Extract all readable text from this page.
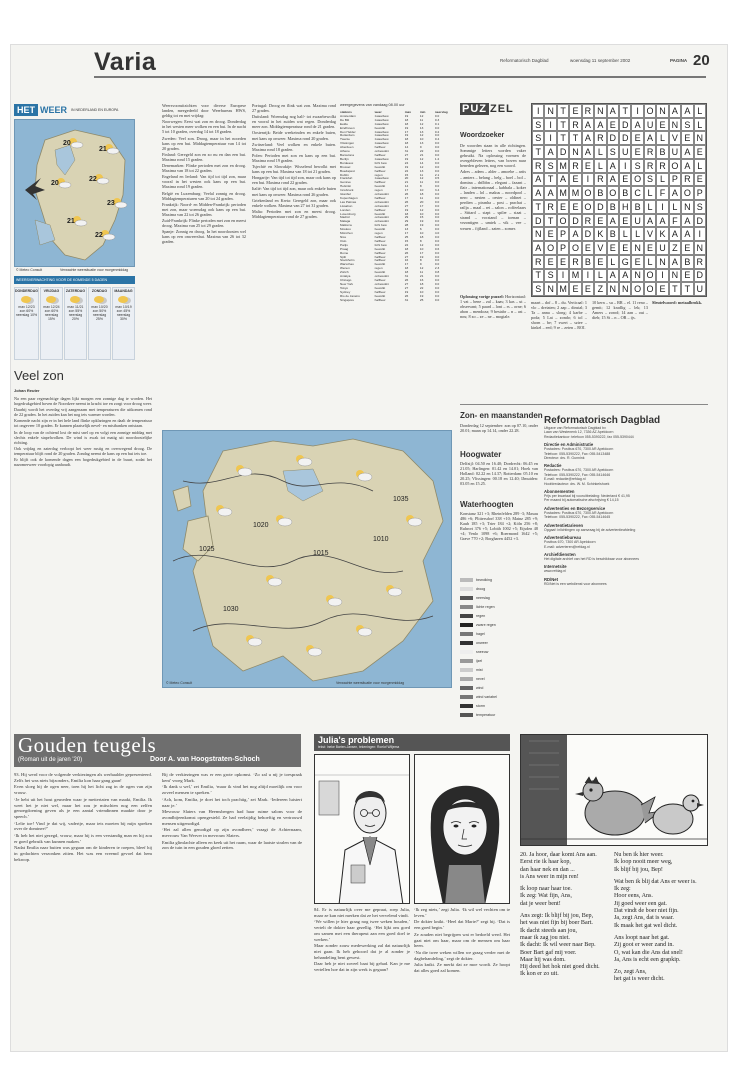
Varia	Reformatorisch Dagblad	woensdag 11 september 2002	PAGINA 20
HET WEER	IN NEDERLAND EN EUROPA
20
21
20
22
23
21
22
© Meteo Consult	Verwachte weersituatie voor morgenmiddag
WEERSVERWACHTING VOOR DE KOMENDE 5 DAGEN
DONDERDAG
max 12/23
zon 60%
neerslag 10%
VRIJDAG
max 12/24
zon 60%
neerslag 15%
ZATERDAG
max 11/21
zon 55%
neerslag 20%
ZONDAG
max 10/20
zon 50%
neerslag 25%
MAANDAG
max 10/19
zon 45%
neerslag 30%
Veel zon
Johan Reuter

Na een paar regenachtige dagen lijkt morgen een zonnige dag te worden. Het hogedrukgebied boven de Noordzee neemt in kracht toe en zorgt voor droog weer.

Daarbij wordt het overdag vrij aangenaam met temperaturen die uitkomen rond de 22 graden. In het zuiden kan het nog iets warmer worden.

Komende nacht zijn er in het hele land flinke opklaringen en daalt de temperatuur tot ongeveer 10 graden. Er kunnen plaatselijk nevel- en mistbanken ontstaan.

In de loop van de ochtend lost de mist snel op en volgt een zonnige middag met slechts enkele stapelwolken. De wind is zwak tot matig uit noordoostelijke richting.

Ook vrijdag en zaterdag verloopt het weer rustig en overwegend droog. De temperatuur blijft rond de 20 graden. Zondag neemt de kans op een bui iets toe.

Er blijft ook de komende dagen een hogedrukgebied in de buurt, zodat het nazomerweer voorlopig aanhoudt.

Weersvooruitzichten voor diverse Europese landen, meegedeeld door Weerbureau HWS, geldig tot en met vrijdag:

Noorwegen: Eerst wat zon en droog. Donderdag in het westen meer wolken en een bui. In de nacht 5 tot 10 graden, overdag 14 tot 18 graden.

Zweden: Veel zon. Droog, maar in het noorden kans op een bui. Middagtemperatuur van 14 tot 20 graden.

Finland: Geregeld zon en zo nu en dan een bui. Maxima rond 15 graden.

Denemarken: Flinke perioden met zon en droog. Maxima van 18 tot 22 graden.

Engeland en Ierland: Van tijd tot tijd zon, maar vooral in het westen ook kans op een bui. Maxima rond 19 graden.

België en Luxemburg: Veelal zonnig en droog. Middagtemperaturen van 20 tot 24 graden.

Frankrijk: Noord- en Midden-Frankrijk: perioden met zon, maar woensdag ook kans op een bui. Maxima van 22 tot 26 graden.

Zuid-Frankrijk: Flinke perioden met zon en meest droog. Maxima van 25 tot 29 graden.

Spanje: Zonnig en droog. In het noordoosten wel kans op een onweersbui. Maxima van 26 tot 32 graden.

Portugal: Droog en flink wat zon. Maxima rond 27 graden.

Duitsland: Woensdag nog half- tot zwaarbewolkt en vooral in het zuiden wat regen. Donderdag meer zon. Middagtemperatuur rond de 21 graden.

Oostenrijk: Beide weekeinden en enkele buien, met kans op onweer. Maxima rond 20 graden.

Zwitserland: Veel wolken en enkele buien. Maxima rond 18 graden.

Polen: Perioden met zon en kans op een bui. Maxima rond 19 graden.

Tsjechië en Slowakije: Wisselend bewolkt met kans op een bui. Maxima van 18 tot 21 graden.

Hongarije: Van tijd tot tijd zon, maar ook kans op een bui. Maxima rond 22 graden.

Italië: Van tijd tot tijd zon, maar ook enkele buien met kans op onweer. Maxima rond 26 graden.

Griekenland en Kreta: Geregeld zon, maar ook enkele wolken. Maxima van 27 tot 31 graden.

Malta: Perioden met zon en meest droog. Middagtemperatuur rond de 27 graden.

weergegevens van vandaag 08.00 uur
stations	weer	max	min	neerslag
Amsterdam	zwaarbew	19	12	0.0
De Bilt	zwaarbew	18	11	0.3
Eelde	zwaarbew	18	12	0.1
Eindhoven	bewolkt	19	13	0.0
Den Helder	zwaarbew	17	13	0.2
Rotterdam	zwaarbew	19	12	0.0
Twente	zwaarbew	18	10	0.4
Vlissingen	zwaarbew	18	13	0.0
Aberdeen	halfbew	14	9	0.0
Athene	onbewolkt	31	22	0.0
Barcelona	halfbew	27	21	0.0
Berlijn	zwaarbew	19	12	1.2
Bordeaux	licht bew	24	14	0.0
Brussel	bewolkt	19	12	0.0
Boedapest	halfbew	22	13	0.0
Dublin	regen	15	11	2.1
Frankfurt	zwaarbew	20	12	0.5
Genève	halfbew	21	11	0.0
Helsinki	bewolkt	14	8	0.0
Innsbruck	regen	17	10	3.4
Istanbul	onbewolkt	26	18	0.0
Kopenhagen	halfbew	17	11	0.0
Las Palmas	onbewolkt	26	20	0.0
Lissabon	onbewolkt	27	17	0.0
Londen	halfbew	19	12	0.0
Luxemburg	bewolkt	18	10	0.0
Madrid	onbewolkt	29	15	0.0
Malaga	onbewolkt	29	19	0.0
Mallorca	licht bew	28	19	0.0
Moskou	bewolkt	13	6	0.0
München	regen	17	10	4.0
Nice	halfbew	25	18	0.0
Oslo	halfbew	15	8	0.0
Parijs	licht bew	22	12	0.0
Praag	bewolkt	18	10	0.6
Rome	halfbew	26	17	0.0
Split	halfbew	27	19	0.0
Stockholm	halfbew	16	8	0.0
Warschau	bewolkt	17	9	0.0
Wenen	regen	18	12	2.3
Zürich	bewolkt	18	11	0.8
Antalya	onbewolkt	31	21	0.0
Chicago	halfbew	26	16	0.0
New York	onbewolkt	27	18	0.0
Tokyo	bewolkt	27	22	0.0
Sydney	halfbew	19	10	0.0
Rio de Janeiro	bewolkt	26	19	0.0
Singapore	halfbew	31	25	0.0
1025
1020
1015
1010
1030
1035
© Meteo Consult	Verwachte weersituatie voor morgenmiddag
PUZ ZEL
Woordzoeker

De woorden staan in alle richtingen. Sommige letters worden vaker gebruikt. Na oplossing vormen de overgebleven letters, van boven naar beneden gelezen, nog een woord.

Adres – adem – alder – amoebe – artis – amters – belang – belg – boel – bol – domina – drilbbn – elegant – fazant – flair – internationaal – kabbala – koker – landen – lol – makus – noordpool – nero – nesten – oester – oldinet – perdien – piranha – post – prachat – railja – maal – rei – salon – roffeelaars – Sittard – stapt – spiler – staat – strand – vocstand – toenan – vezontigen – umiek – vik – vee – weuen – fijfland – zaten – zomer.

I N T E R N A T I O N A A L
S I T R A A E D A U E N S L
S I T T A R D D E A L V E N
T A D N A L S U E R B U A E
R S M R E L A I S R R O A L
A T A E I R A E O S L P R E
A A M M O B O B C L F A O P
T R E E O D B H B L I L N S
D T O D R E A E U A A F A D
N E P A D K B L L V K A A I
A O P O E V E E N E U Z E N
R E E R B E L G E L N A B R
T S I M I L A A N O I N E D
S N M E E Z N N O O E T T U

Oplossing vorige puzzel: Horizontaal: 1 vat – bene – zal – kaas; 3 kas – ut – observant; 5 paard – lont – rs – orne; 6 abon – mendoza; 9 bestabr – n – ast – nou; 8 zo – ze – ne – mogiale.

maart – dof – 8 – du. Verticaal: 1 vlo – dreiaten; 2 aap – dinstal; 3 Ta – anna – slong; 4 karbe – poda; 5 Lat – zondo; 6 tol – shorn – be; 7 swert – sziee – kinkel – eed; 9 re – zeten – ROI.
10 kern – su – RR – el. 11 reno – gemit; 12 kradlig – lek; 13 Amers – zorod; 14 aan – oui – dieb; 15 St – n – OR – ijs.
Sleutelwoord: metaalbrokk.
Zon- en maanstanden
Donderdag 12 september: zon op 07.10, onder 20.01; maan op 14.14, onder 22.28.
Hoogwater
Delfzijl: 04.50 en 16.40; Dordrecht: 06.45 en 21.05; Harlingen: 01.42 en 14.01; Hoek van Holland: 02.22 en 14.37; Rotterdam: 05.10 en 20.25; Vlissingen: 00.18 en 12.40; IJmuiden: 03.05 en 15.25.
Waterhoogten
Konstanz 321 +3; Rheinfelden 289 -3; Maxau 486 +6; Plittersdorf 338 +10; Mainz 285 +9; Kaub 185 +3; Trier 184 +2; Köln 256 +8; Ruhrort 376 +5; Lobith 1002 +5; Eijsden 48 +4; Venlo 1098 +6; Roermond 1642 +5; Grave 770 +2; Borgharen 4452 +3.
bewolking
droog
neerslag
lichte regen
regen
zware regen
hagel
onweer
sneeuw
ijzel
mist
nevel
wind
wind variabel
storm
temperatuur
Reformatorisch Dagblad
Uitgave van Reformatorisch Dagblad bv
Laan van Westenenk 12, 7336 AZ Apeldoorn
Redactiekantoor: telefoon 055-5390222, fax 055-5390444
Directie en Administratie
Postadres: Postbus 670, 7300 AR Apeldoorn
Telefoon: 055-5390222, Fax: 055-5413488
Directeur: drs. R. Gunnink
Redactie
Postadres: Postbus 670, 7300 AR Apeldoorn
Telefoon: 055-5390222, Fax: 055-5414646
E-mail: redactie@refdag.nl
Hoofdredacteur: drs. W. M. Schinkelshoek
Abonnementen
Prijs per kwartaal bij vooruitbetaling: Nederland € 41,95
Per maand bij automatische afschrijving € 14,15
Advertenties en Bezorgservice
Postadres: Postbus 670, 7300 AR Apeldoorn
Telefoon: 055-5390222, Fax: 055-5414645
Advertentietarieven
Opgaaf: inlichtingen op aanvraag bij de advertentieafdeling
Advertentiebureau
Postbus 670, 7300 AR Apeldoorn
E-mail: adverteren@refdag.nl
Archiefdiensten
Het digitale archief van het RD is beschikbaar voor abonnees
Internetsite
www.refdag.nl
RD/Net
RD/Net is een webdienst voor abonnees
Gouden teugels
(Roman uit de jaren '20)	Door A. van Hoogstraten-Schoch

93. Hij werd voor de volgende verkiezingen als werhaalder gepresenteerd. Zelfs het was niets bijzonders, Emilia kon haar gang gaan!

Even sloeg hij de ogen neer, toen hij het licht zag in de ogen van zijn vrouw.

‘Je hebt uit het hout gesneden waar je mettertaten van maakt, Emilia. Ik weet het je niet wel, maar het zou je mitschien nog een zelfen genoegdoening geven als je een aantal vriendinnen maakte door je speech.’

‘Lelie toe! Vind je dat wij, vadertje, maar iets moeten bij mijn spreken over de dominee?’

‘Ik heb het niet gezegd, vrouw, maar hij is een verstandig man en hij zou er goed gebruik van kunnen maken.’

Nadat Emilia naar buiten was gegaan om de kinderen te roepen, bleef hij in gedachten verzonken zitten. Het was een vreemd gevoel dat hem bekroop.

Bij de verkiezingen was er een grote opkomst. ‘Zo zal u nij je toespraak kent’ vroeg Mark.

‘Ik dank u wel,’ zei Emilia, ‘maar ik vind het nog altijd moeilijk om voor zoveel mensen te spreken.’

‘Ach, kom, Emilia, je doet het toch prachtig,’ zei Mark. ‘Iedereen luistert naar je.’

Mevrouw Slaters van Heemsbergen had haar ruime salons voor de avondbijeenkomst opengesteld. Ze had veelzijdig behoeftig en vertrouwd mensen uitgenodigd.

‘Het zal allen genodigd op zijn avondheer,’ vraagt de Achternaam, mevrouw Van Werver in mevrouw Slaters.

Emilia glimlachte alleen en keek uit het raam, waar de laatste stralen van de zon de tuin in een gouden gloed zetten.

Julia's problemen
tekst: Ineke Barten-Jansen, tekeningen: Roelof Wiljema

84. Er is natuurlijk over me gepraat, roep Julia, maar ze kan niet merken dat ze het vervelend vindt.

‘We willen je hier graag nog twee weken houden,’ vertelt de dokter haar gezellig. ‘Het lijkt ons goed om samen met een therapeut aan een goed doel te werken.’

Maar zonder zouw medewerking zal dat natuurlijk niet gaan. Ik heb gehoord dat je al zonder je behandeling bent gewest.

Daar heb je niet zoveel baat bij gehad. Kan je me vertellen hoe dat in zijn werk is gegaan?

‘Ik zeg niets,’ zegt Julia. ‘Ik wil wel vechten om te leven.’

De dokter knikt. ‘Heel dat Marie?’ zegt hij. ‘Dat is een goed begin.’

Ze zouden niet begrijpen wat er bedoeld werd. Het gaat niet om haar, maar om de mensen om haar heen.

‘Na die twee weken willen we graag verder met de dagbehandeling,’ zegt de dokter.

Julia knikt. Ze merkt dat ze moe wordt. Ze hoopt dat alles goed zal komen.

20. Ja hoor, daar komt Ans aan.
Eerst rie ik haar kop,
dan haar nek en dan ...
is Ans weer in mijn ren!

Ik loop naar haar toe.
Ik zeg: Wat fijn, Ans,
dat je weer bent!

Ans zegt: Ik blijf bij jou, Bep,
het was niet fijn bij boer Bart.
Ik dacht steeds aan jou,
maar ik zag jou niet.
Ik dacht: Ik wil weer naar Bep.
Boer Bart gaf mij voer.
Maar hij was dom.
Hij deed het hok niet goed dicht.
Ik kon er zo uit.

Nu ben ik hier weer.
Ik loop nooit meer weg,
Ik blijf bij jou, Bep!

Wat ben ik blij dat Ans er weer is.
Ik zeg:
Hoor eens, Ans.
Jij goed weer een gat.
Dat vindt de boer niet fijn.
Ja, zegt Ans, dat is waar.
Ik maak het gat wel dicht.

Ans loopt naar het gat.
Zij goot er weer zand in.
O, wat kan die Ans dat snel!
Ja, Ans is echt een grapkip.

Zo, zegt Ans,
het gat is weer dicht.
